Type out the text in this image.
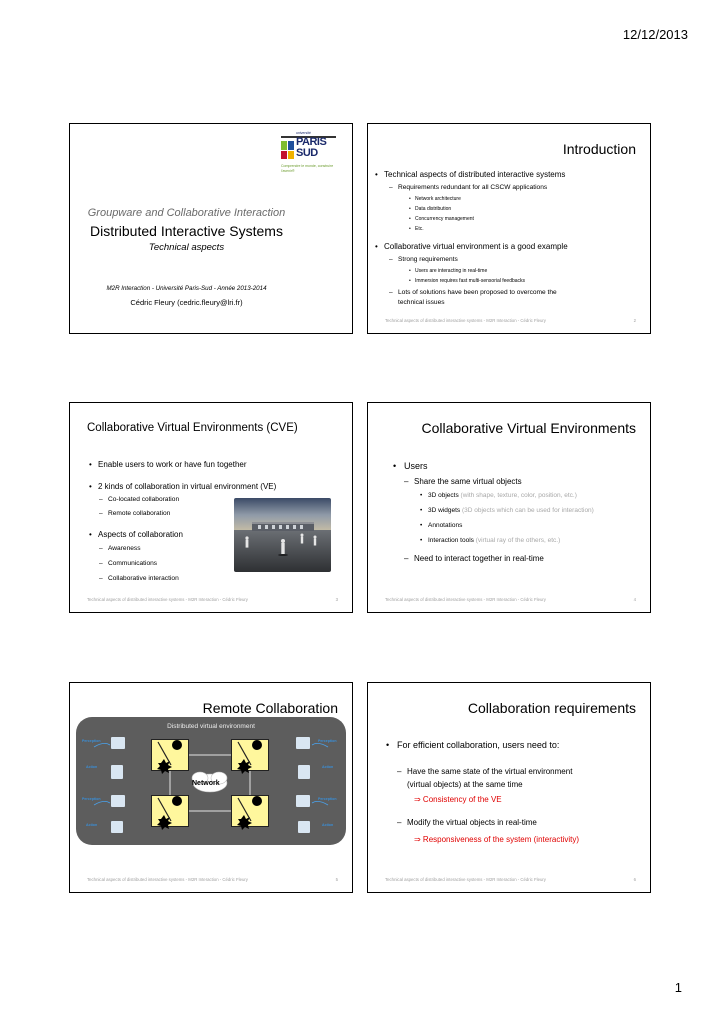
12/12/2013
université
PARIS
SUD
Comprendre le monde, construire l'avenir®
Groupware and Collaborative Interaction
Distributed Interactive Systems
Technical aspects
M2R Interaction - Université Paris-Sud - Année 2013-2014
Cédric Fleury (cedric.fleury@lri.fr)
Introduction
• Technical aspects of distributed interactive systems
– Requirements redundant for all CSCW applications
• Network architecture
• Data distribution
• Concurrency management
• Etc.
• Collaborative virtual environment is a good example
– Strong requirements
• Users are interacting in real-time
• Immersion requires fast multi-sensorial feedbacks
– Lots of solutions have been proposed to overcome the
technical issues
Technical aspects of distributed interactive systems - M2R Interaction - Cédric Fleury	2
Collaborative Virtual Environments (CVE)
• Enable users to work or have fun together
• 2 kinds of collaboration in virtual environment (VE)
– Co-located collaboration
– Remote collaboration
• Aspects of collaboration
– Awareness
– Communications
– Collaborative interaction
Technical aspects of distributed interactive systems - M2R Interaction - Cédric Fleury	3
Collaborative Virtual Environments
• Users
– Share the same virtual objects
• 3D objects (with shape, texture, color, position, etc.)
• 3D widgets (3D objects which can be used for interaction)
• Annotations
• Interaction tools (virtual ray of the others, etc.)
– Need to interact together in real-time
Technical aspects of distributed interactive systems - M2R Interaction - Cédric Fleury	4
Remote Collaboration
Distributed virtual environment
Network
Perception
Action
Perception
Action
Perception
Action
Perception
Action
Technical aspects of distributed interactive systems - M2R Interaction - Cédric Fleury	5
Collaboration requirements
• For efficient collaboration, users need to:
– Have the same state of the virtual environment
(virtual objects) at the same time
⇒ Consistency of the VE
– Modify the virtual objects in real-time
⇒ Responsiveness of the system (interactivity)
Technical aspects of distributed interactive systems - M2R Interaction - Cédric Fleury	6
1
